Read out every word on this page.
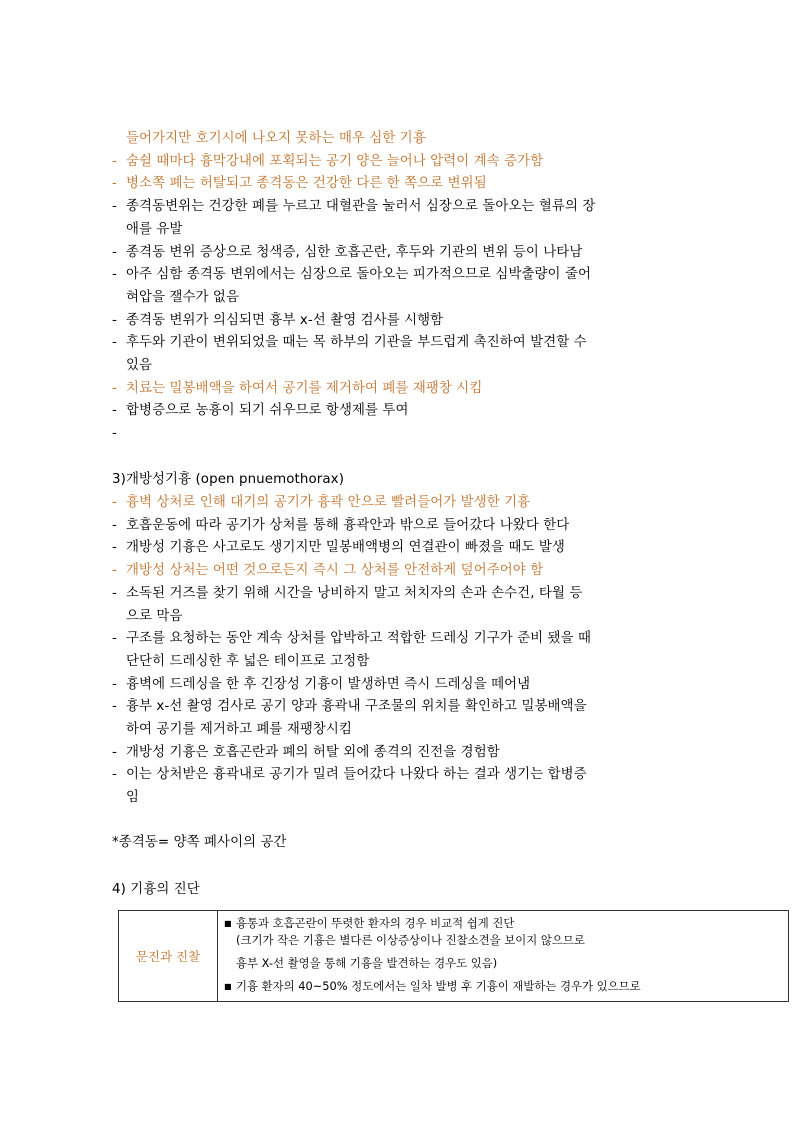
들어가지만 호기시에 나오지 못하는 매우 심한 기흉
- 숨쉴 때마다 흉막강내에 포획되는 공기 양은 늘어나 압력이 계속 증가함
- 병소쪽 폐는 허탈되고 종격동은 건강한 다른 한 쪽으로 변위됨
- 종격동변위는 건강한 폐를 누르고 대혈관을 눌러서 심장으로 돌아오는 혈류의 장
애를 유발
- 종격동 변위 증상으로 청색증, 심한 호흡곤란, 후두와 기관의 변위 등이 나타남
- 아주 심함 종격동 변위에서는 심장으로 돌아오는 피가적으므로 심박출량이 줄어
혀압을 잴수가 없음
- 종격동 변위가 의심되면 흉부 x-선 촬영 검사를 시행함
- 후두와 기관이 변위되었을 때는 목 하부의 기관을 부드럽게 촉진하여 발견할 수
있음
- 치료는 밀봉배액을 하여서 공기를 제거하여 폐를 재팽창 시킴
- 합병증으로 농흉이 되기 쉬우므로 항생제를 투여
-
3)개방성기흉 (open pnuemothorax)
- 흉벽 상처로 인해 대기의 공기가 흉곽 안으로 빨려들어가 발생한 기흉
- 호흡운동에 따라 공기가 상처를 통해 흉곽안과 밖으로 들어갔다 나왔다 한다
- 개방성 기흉은 사고로도 생기지만 밀봉배액병의 연결관이 빠졌을 때도 발생
- 개방성 상처는 어떤 것으로든지 즉시 그 상처를 안전하게 덮어주어야 함
- 소독된 거즈를 찾기 위해 시간을 낭비하지 말고 처치자의 손과 손수건, 타월 등
으로 막음
- 구조를 요청하는 동안 계속 상처를 압박하고 적합한 드레싱 기구가 준비 됐을 때
단단히 드레싱한 후 넓은 테이프로 고정함
- 흉벽에 드레싱을 한 후 긴장성 기흉이 발생하면 즉시 드레싱을 떼어냄
- 흉부 x-선 촬영 검사로 공기 양과 흉곽내 구조물의 위치를 확인하고 밀봉배액을
하여 공기를 제거하고 폐를 재팽창시킴
- 개방성 기흉은 호흡곤란과 폐의 허탈 외에 종격의 진전을 경험함
- 이는 상처받은 흉곽내로 공기가 밀려 들어갔다 나왔다 하는 결과 생기는 합병증
임
*종격동= 양쪽 폐사이의 공간
4) 기흉의 진단
문진과 진찰	
■ 흉통과 호흡곤란이 뚜렷한 환자의 경우 비교적 쉽게 진단
(크기가 작은 기흉은 별다른 이상증상이나 진찰소견을 보이지 않으므로
흉부 X-선 촬영을 통해 기흉을 발견하는 경우도 있음)
■ 기흉 환자의 40~50% 정도에서는 일차 발병 후 기흉이 재발하는 경우가 있으므로
